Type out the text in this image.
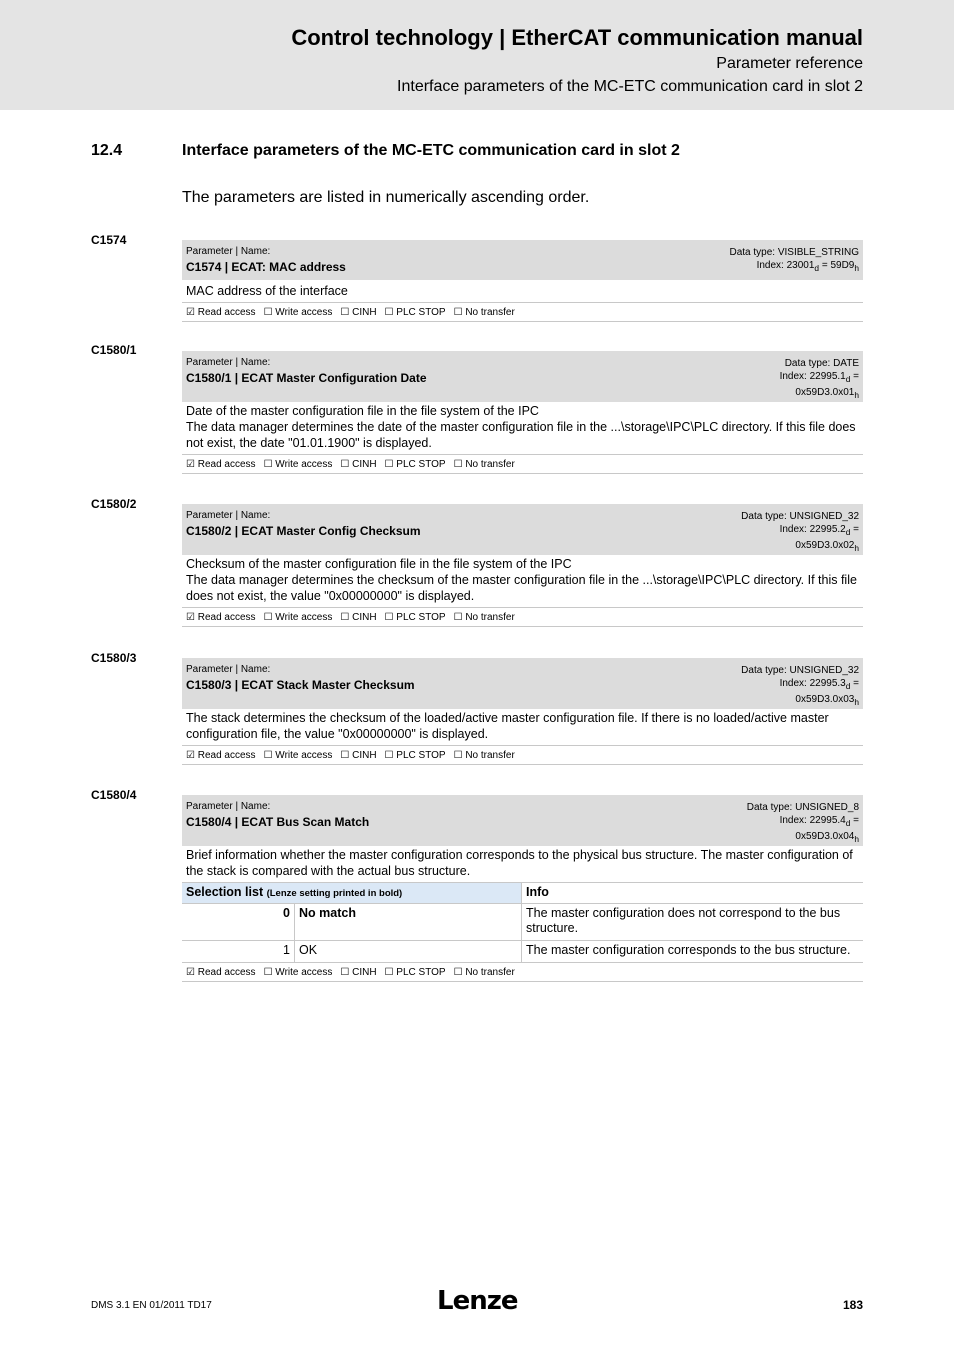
Control technology | EtherCAT communication manual
Parameter reference
Interface parameters of the MC-ETC communication card in slot 2
12.4	Interface parameters of the MC-ETC communication card in slot 2
The parameters are listed in numerically ascending order.
C1574
Parameter | Name:
C1574 | ECAT: MAC address
Data type: VISIBLE_STRING
Index: $23001_d = 59D9_h$
MAC address of the interface
☑ Read access ☐ Write access ☐ CINH ☐ PLC STOP ☐ No transfer
C1580/1
Parameter | Name:
C1580/1 | ECAT Master Configuration Date
Data type: DATE
Index: $22995.1_d$ =
$0x59D3.0x01_h$
Date of the master configuration file in the file system of the IPC
The data manager determines the date of the master configuration file in the ...\storage\IPC\PLC directory. If this file does not exist, the date "01.01.1900" is displayed.
☑ Read access ☐ Write access ☐ CINH ☐ PLC STOP ☐ No transfer
C1580/2
Parameter | Name:
C1580/2 | ECAT Master Config Checksum
Data type: UNSIGNED_32
Index: $22995.2_d$ =
$0x59D3.0x02_h$
Checksum of the master configuration file in the file system of the IPC
The data manager determines the checksum of the master configuration file in the ...\storage\IPC\PLC directory. If this file does not exist, the value "0x00000000" is displayed.
☑ Read access ☐ Write access ☐ CINH ☐ PLC STOP ☐ No transfer
C1580/3
Parameter | Name:
C1580/3 | ECAT Stack Master Checksum
Data type: UNSIGNED_32
Index: $22995.3_d$ =
$0x59D3.0x03_h$
The stack determines the checksum of the loaded/active master configuration file. If there is no loaded/active master configuration file, the value "0x00000000" is displayed.
☑ Read access ☐ Write access ☐ CINH ☐ PLC STOP ☐ No transfer
C1580/4
Parameter | Name:
C1580/4 | ECAT Bus Scan Match
Data type: UNSIGNED_8
Index: $22995.4_d$ =
$0x59D3.0x04_h$
Brief information whether the master configuration corresponds to the physical bus structure. The master configuration of the stack is compared with the actual bus structure.
Selection list (Lenze setting printed in bold)		Info
0	No match	The master configuration does not correspond to the bus structure.
1	OK	The master configuration corresponds to the bus structure.
☑ Read access ☐ Write access ☐ CINH ☐ PLC STOP ☐ No transfer
DMS 3.1 EN 01/2011 TD17	Lenze	183
